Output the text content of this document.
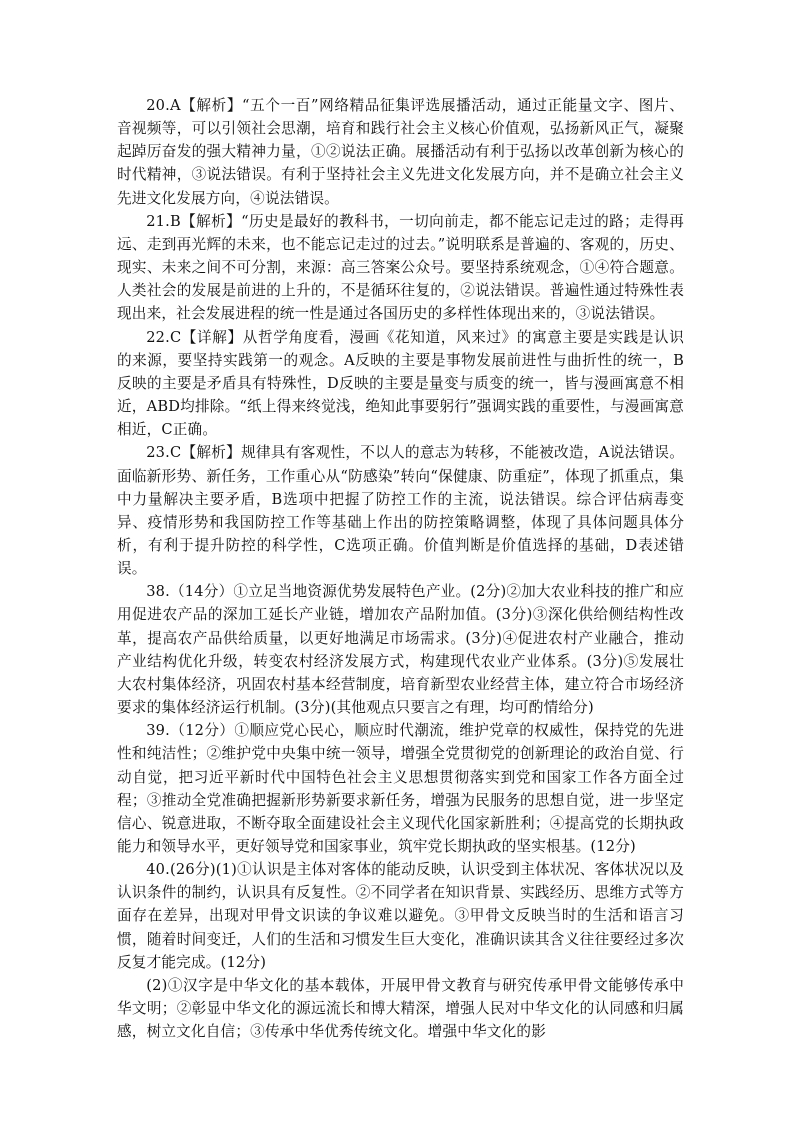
20.A【解析】“五个一百”网络精品征集评选展播活动，通过正能量文字、图片、音视频等，可以引领社会思潮，培育和践行社会主义核心价值观，弘扬新风正气，凝聚起踔厉奋发的强大精神力量，①②说法正确。展播活动有利于弘扬以改革创新为核心的时代精神，③说法错误。有利于坚持社会主义先进文化发展方向，并不是确立社会主义先进文化发展方向，④说法错误。

21.B【解析】“历史是最好的教科书，一切向前走，都不能忘记走过的路；走得再远、走到再光辉的未来，也不能忘记走过的过去。”说明联系是普遍的、客观的，历史、现实、未来之间不可分割，来源：高三答案公众号。要坚持系统观念，①④符合题意。人类社会的发展是前进的上升的，不是循环往复的，②说法错误。普遍性通过特殊性表现出来，社会发展进程的统一性是通过各国历史的多样性体现出来的，③说法错误。

22.C【详解】从哲学角度看，漫画《花知道，风来过》的寓意主要是实践是认识的来源，要坚持实践第一的观念。A反映的主要是事物发展前进性与曲折性的统一，B反映的主要是矛盾具有特殊性，D反映的主要是量变与质变的统一，皆与漫画寓意不相近，ABD均排除。“纸上得来终觉浅，绝知此事要躬行”强调实践的重要性，与漫画寓意相近，C正确。

23.C【解析】规律具有客观性，不以人的意志为转移，不能被改造，A说法错误。面临新形势、新任务，工作重心从“防感染”转向“保健康、防重症”，体现了抓重点，集中力量解决主要矛盾，B选项中把握了防控工作的主流，说法错误。综合评估病毒变异、疫情形势和我国防控工作等基础上作出的防控策略调整，体现了具体问题具体分析，有利于提升防控的科学性，C选项正确。价值判断是价值选择的基础，D表述错误。

38.（14分）①立足当地资源优势发展特色产业。(2分)②加大农业科技的推广和应用促进农产品的深加工延长产业链，增加农产品附加值。(3分)③深化供给侧结构性改革，提高农产品供给质量，以更好地满足市场需求。(3分)④促进农村产业融合，推动产业结构优化升级，转变农村经济发展方式，构建现代农业产业体系。(3分)⑤发展壮大农村集体经济，巩固农村基本经营制度，培育新型农业经营主体，建立符合市场经济要求的集体经济运行机制。(3分)(其他观点只要言之有理，均可酌情给分)

39.（12分）①顺应党心民心，顺应时代潮流，维护党章的权威性，保持党的先进性和纯洁性；②维护党中央集中统一领导，增强全党贯彻党的创新理论的政治自觉、行动自觉，把习近平新时代中国特色社会主义思想贯彻落实到党和国家工作各方面全过程；③推动全党准确把握新形势新要求新任务，增强为民服务的思想自觉，进一步坚定信心、锐意进取，不断夺取全面建设社会主义现代化国家新胜利；④提高党的长期执政能力和领导水平，更好领导党和国家事业，筑牢党长期执政的坚实根基。(12分)

40.(26分)(1)①认识是主体对客体的能动反映，认识受到主体状况、客体状况以及认识条件的制约，认识具有反复性。②不同学者在知识背景、实践经历、思维方式等方面存在差异，出现对甲骨文识读的争议难以避免。③甲骨文反映当时的生活和语言习惯，随着时间变迁，人们的生活和习惯发生巨大变化，准确识读其含义往往要经过多次反复才能完成。(12分)

(2)①汉字是中华文化的基本载体，开展甲骨文教育与研究传承甲骨文能够传承中华文明；②彰显中华文化的源远流长和博大精深，增强人民对中华文化的认同感和归属感，树立文化自信；③传承中华优秀传统文化。增强中华文化的影
